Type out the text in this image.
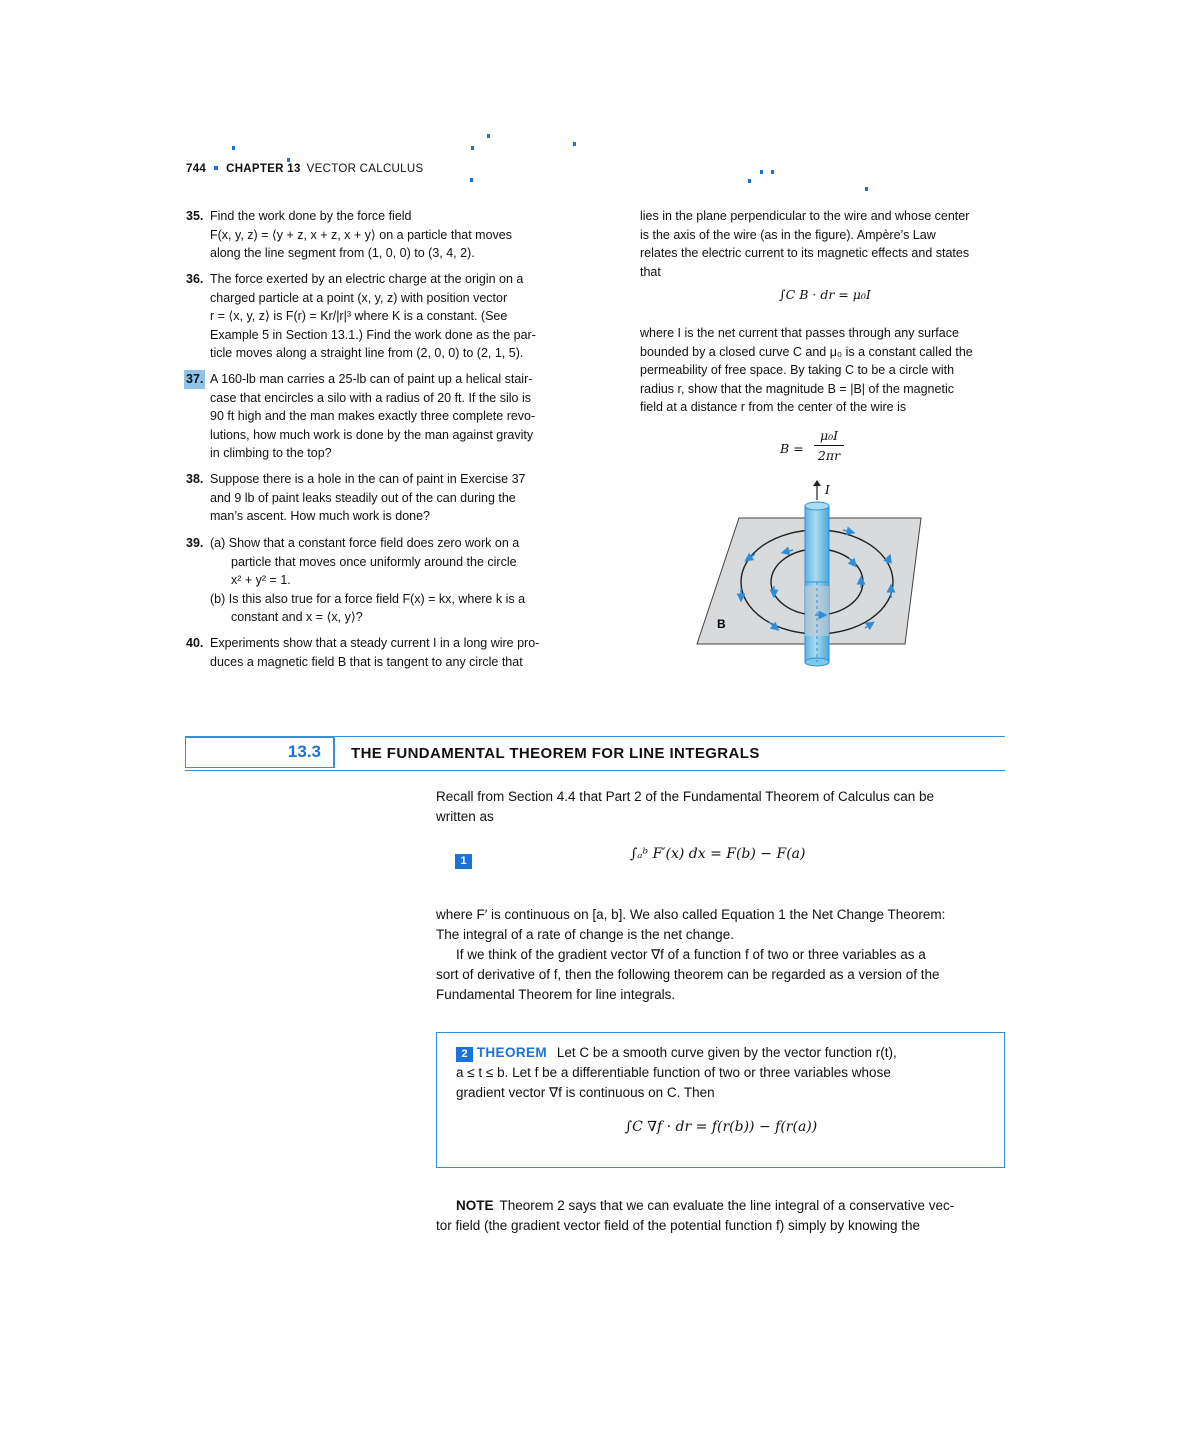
744 CHAPTER 13 VECTOR CALCULUS
35. Find the work done by the force field

F(x, y, z) = ⟨y + z, x + z, x + y⟩ on a particle that moves

along the line segment from (1, 0, 0) to (3, 4, 2).

36. The force exerted by an electric charge at the origin on a

charged particle at a point (x, y, z) with position vector

r = ⟨x, y, z⟩ is F(r) = Kr/|r|³ where K is a constant. (See

Example 5 in Section 13.1.) Find the work done as the par-

ticle moves along a straight line from (2, 0, 0) to (2, 1, 5).

37. A 160-lb man carries a 25-lb can of paint up a helical stair-

case that encircles a silo with a radius of 20 ft. If the silo is

90 ft high and the man makes exactly three complete revo-

lutions, how much work is done by the man against gravity

in climbing to the top?

38. Suppose there is a hole in the can of paint in Exercise 37

and 9 lb of paint leaks steadily out of the can during the

man’s ascent. How much work is done?

39. (a) Show that a constant force field does zero work on a

particle that moves once uniformly around the circle

x² + y² = 1.

(b) Is this also true for a force field F(x) = kx, where k is a

constant and x = ⟨x, y⟩?

40. Experiments show that a steady current I in a long wire pro-

duces a magnetic field B that is tangent to any circle that

lies in the plane perpendicular to the wire and whose center

is the axis of the wire (as in the figure). Ampère’s Law

relates the electric current to its magnetic effects and states

that

∫C B · dr = μ₀I

where I is the net current that passes through any surface

bounded by a closed curve C and μ₀ is a constant called the

permeability of free space. By taking C to be a circle with

radius r, show that the magnitude B = |B| of the magnetic

field at a distance r from the center of the wire is

B =
μ₀I
2πr
I
B
13.3 THE FUNDAMENTAL THEOREM FOR LINE INTEGRALS

Recall from Section 4.4 that Part 2 of the Fundamental Theorem of Calculus can be

written as

1	∫ₐᵇ F′(x) dx = F(b) − F(a)

where F′ is continuous on [a, b]. We also called Equation 1 the Net Change Theorem:

The integral of a rate of change is the net change.

If we think of the gradient vector ∇f of a function f of two or three variables as a

sort of derivative of f, then the following theorem can be regarded as a version of the

Fundamental Theorem for line integrals.

2 THEOREM Let C be a smooth curve given by the vector function r(t),
a ≤ t ≤ b. Let f be a differentiable function of two or three variables whose
gradient vector ∇f is continuous on C. Then
∫C ∇f · dr = f(r(b)) − f(r(a))

NOTE Theorem 2 says that we can evaluate the line integral of a conservative vec-

tor field (the gradient vector field of the potential function f) simply by knowing the
